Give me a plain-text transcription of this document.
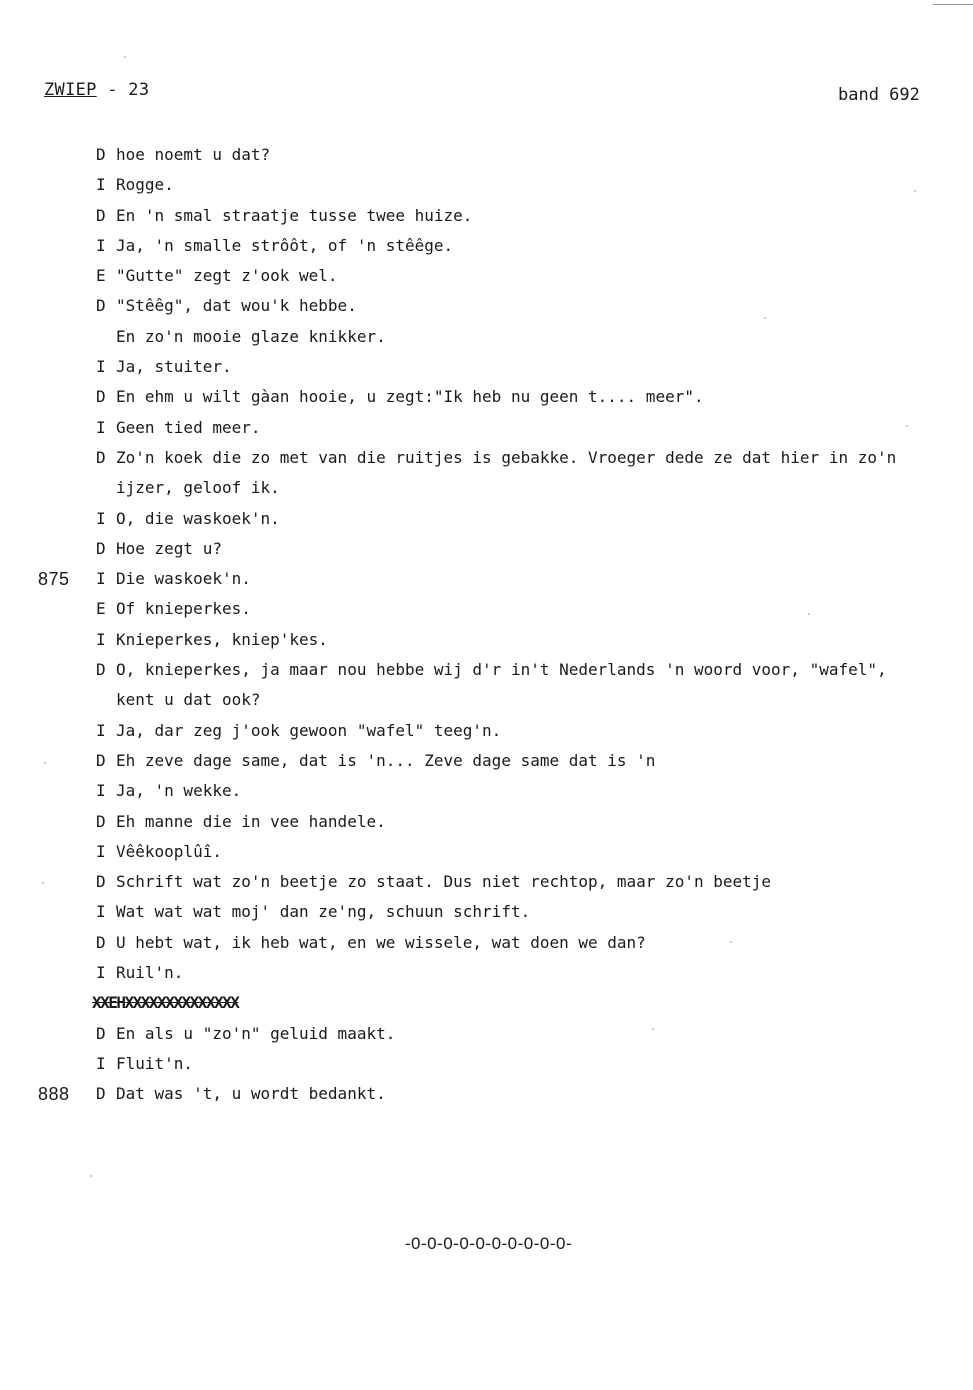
ZWIEP - 23	band 692
D hoe noemt u dat?
I Rogge.
D En 'n smal straatje tusse twee huize.
I Ja, 'n smalle strôôt, of 'n stêêge.
E "Gutte" zegt z'ook wel.
D "Stêêg", dat wou'k hebbe.
En zo'n mooie glaze knikker.
I Ja, stuiter.
D En ehm u wilt gàan hooie, u zegt:"Ik heb nu geen t.... meer".
I Geen tied meer.
D Zo'n koek die zo met van die ruitjes is gebakke. Vroeger dede ze dat hier in zo'n
ijzer, geloof ik.
I O, die waskoek'n.
D Hoe zegt u?
875 I Die waskoek'n.
E Of knieperkes.
I Knieperkes, kniep'kes.
D O, knieperkes, ja maar nou hebbe wij d'r in't Nederlands 'n woord voor, "wafel",
kent u dat ook?
I Ja, dar zeg j'ook gewoon "wafel" teeg'n.
D Eh zeve dage same, dat is 'n... Zeve dage same dat is 'n
I Ja, 'n wekke.
D Eh manne die in vee handele.
I Vêêkooplûî.
D Schrift wat zo'n beetje zo staat. Dus niet rechtop, maar zo'n beetje
I Wat wat wat moj' dan ze'ng, schuun schrift.
D U hebt wat, ik heb wat, en we wissele, wat doen we dan?
I Ruil'n.
XXEHXXXXXXXXXXXXXX
D En als u "zo'n" geluid maakt.
I Fluit'n.
888 D Dat was 't, u wordt bedankt.
-0-0-0-0-0-0-0-0-0-0-
